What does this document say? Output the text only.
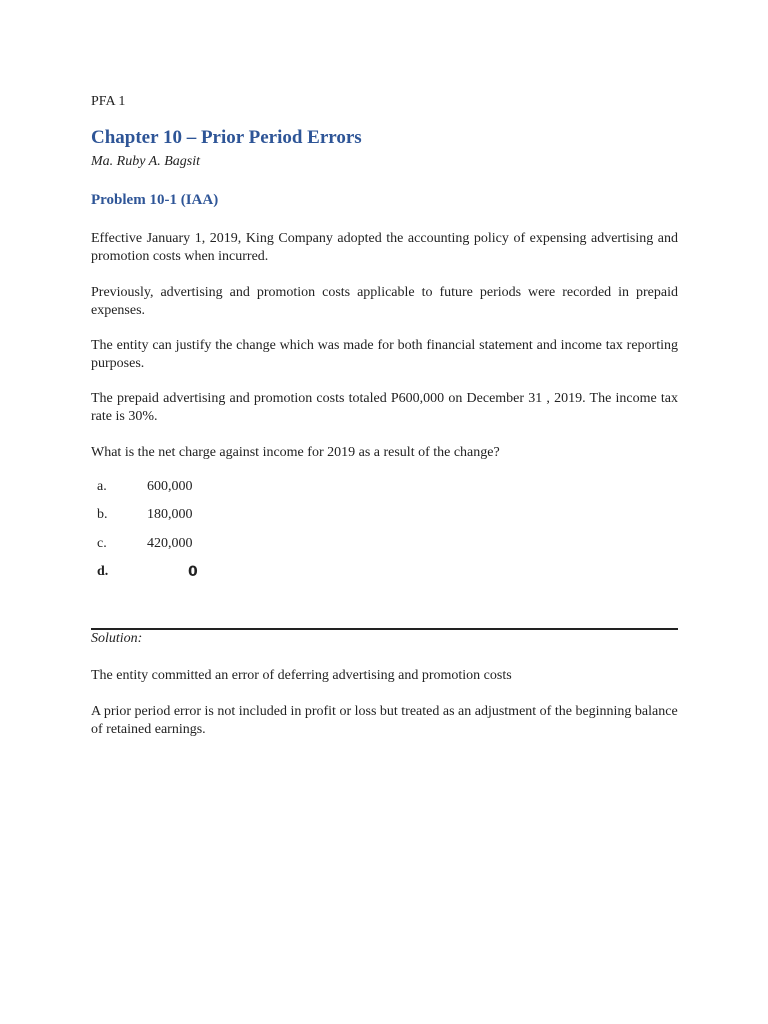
PFA 1
Chapter 10 – Prior Period Errors
Ma. Ruby A. Bagsit
Problem 10-1 (IAA)

Effective January 1, 2019, King Company adopted the accounting policy of expensing advertising and promotion costs when incurred.

Previously, advertising and promotion costs applicable to future periods were recorded in prepaid expenses.

The entity can justify the change which was made for both financial statement and income tax reporting purposes.

The prepaid advertising and promotion costs totaled P600,000 on December 31 , 2019. The income tax rate is 30%.

What is the net charge against income for 2019 as a result of the change?

a.	600,000
b.	180,000
c.	420,000
d.	0
Solution:

The entity committed an error of deferring advertising and promotion costs

A prior period error is not included in profit or loss but treated as an adjustment of the beginning balance of retained earnings.
